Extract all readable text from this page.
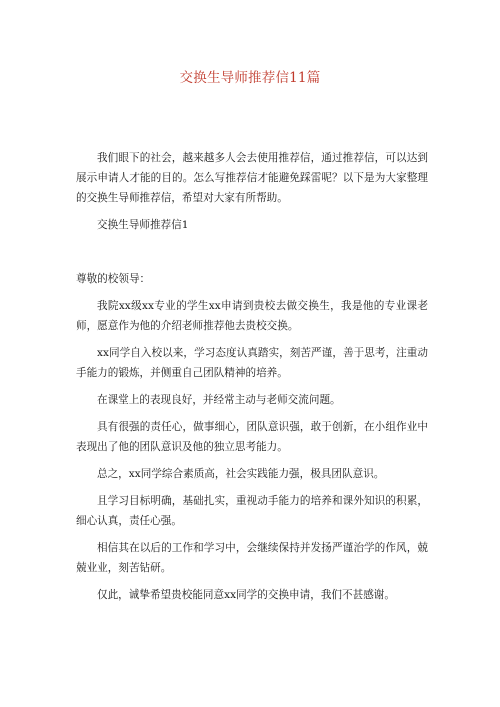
交换生导师推荐信11篇

我们眼下的社会，越来越多人会去使用推荐信，通过推荐信，可以达到展示申请人才能的目的。怎么写推荐信才能避免踩雷呢？以下是为大家整理的交换生导师推荐信，希望对大家有所帮助。

交换生导师推荐信1

尊敬的校领导：

我院xx级xx专业的学生xx申请到贵校去做交换生，我是他的专业课老师，愿意作为他的介绍老师推荐他去贵校交换。

xx同学自入校以来，学习态度认真踏实，刻苦严谨，善于思考，注重动手能力的锻炼，并侧重自己团队精神的培养。

在课堂上的表现良好，并经常主动与老师交流问题。

具有很强的责任心，做事细心，团队意识强，敢于创新，在小组作业中表现出了他的团队意识及他的独立思考能力。

总之，xx同学综合素质高，社会实践能力强，极具团队意识。

且学习目标明确，基础扎实，重视动手能力的培养和课外知识的积累，细心认真，责任心强。

相信其在以后的工作和学习中，会继续保持并发扬严谨治学的作风，兢兢业业，刻苦钻研。

仅此，诚挚希望贵校能同意xx同学的交换申请，我们不甚感谢。
